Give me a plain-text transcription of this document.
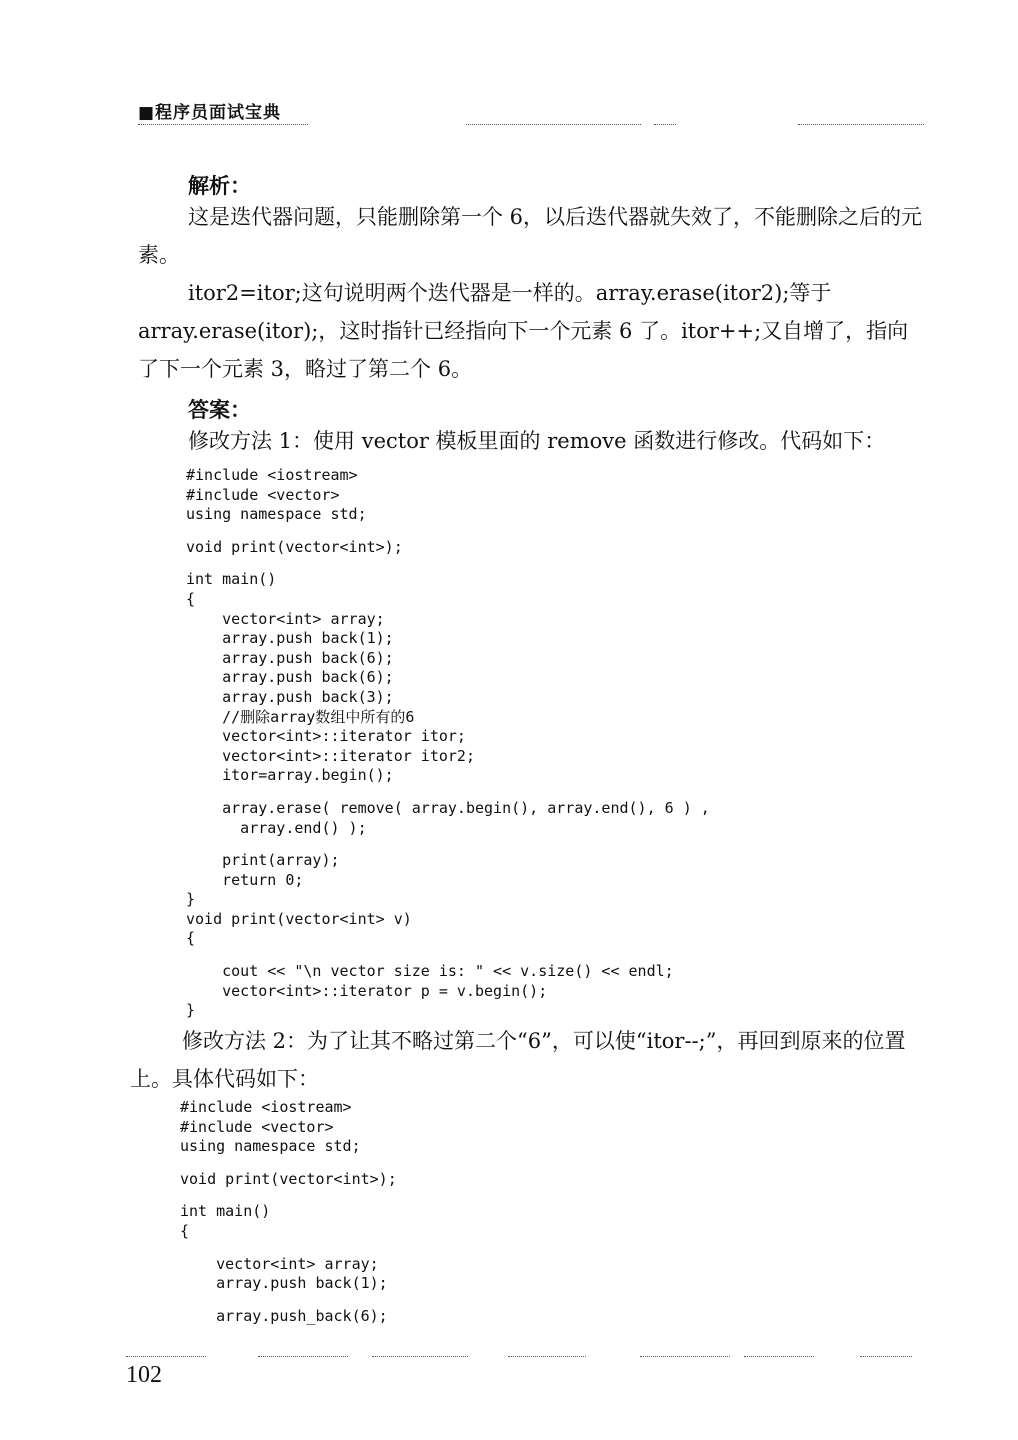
■程序员面试宝典
解析：

这是迭代器问题，只能删除第一个 6，以后迭代器就失效了，不能删除之后的元素。

itor2=itor;这句说明两个迭代器是一样的。array.erase(itor2);等于 array.erase(itor);，这时指针已经指向下一个元素 6 了。itor++;又自增了，指向了下一个元素 3，略过了第二个 6。

答案：

修改方法 1：使用 vector 模板里面的 remove 函数进行修改。代码如下：

#include <iostream>
#include <vector>
using namespace std;
void print(vector<int>);
int main()
{
vector<int> array;
array.push back(1);
array.push back(6);
array.push back(6);
array.push back(3);
//删除array数组中所有的6
vector<int>::iterator itor;
vector<int>::iterator itor2;
itor=array.begin();
array.erase( remove( array.begin(), array.end(), 6 ) ,
array.end() );
print(array);
return 0;
}
void print(vector<int> v)
{
cout << "\n vector size is: " << v.size() << endl;
vector<int>::iterator p = v.begin();
}

修改方法 2：为了让其不略过第二个“6”，可以使“itor--;”，再回到原来的位置上。具体代码如下：

#include <iostream>
#include <vector>
using namespace std;
void print(vector<int>);
int main()
{
vector<int> array;
array.push back(1);
array.push_back(6);
102
